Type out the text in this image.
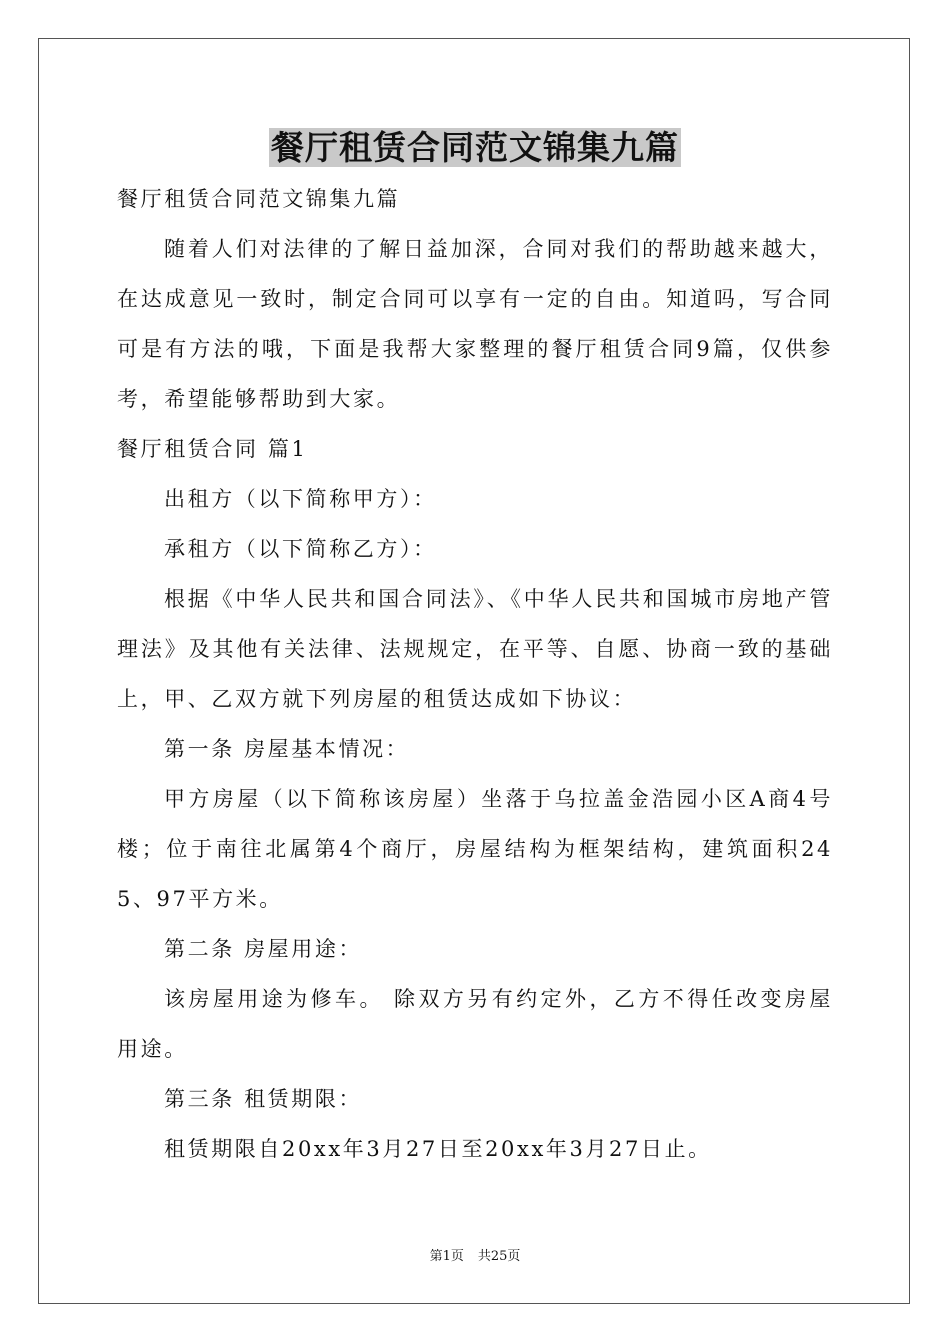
餐厅租赁合同范文锦集九篇

餐厅租赁合同范文锦集九篇

随着人们对法律的了解日益加深，合同对我们的帮助越来越大，在达成意见一致时，制定合同可以享有一定的自由。知道吗，写合同可是有方法的哦，下面是我帮大家整理的餐厅租赁合同9篇，仅供参考，希望能够帮助到大家。

餐厅租赁合同 篇1

出租方（以下简称甲方）：

承租方（以下简称乙方）：

根据《中华人民共和国合同法》、《中华人民共和国城市房地产管理法》及其他有关法律、法规规定，在平等、自愿、协商一致的基础上，甲、乙双方就下列房屋的租赁达成如下协议：

第一条 房屋基本情况：

甲方房屋（以下简称该房屋）坐落于乌拉盖金浩园小区A商4号楼；位于南往北属第4个商厅，房屋结构为框架结构，建筑面积245、97平方米。

第二条 房屋用途：

该房屋用途为修车。 除双方另有约定外，乙方不得任改变房屋用途。

第三条 租赁期限：

租赁期限自20xx年3月27日至20xx年3月27日止。

第1页 共25页
